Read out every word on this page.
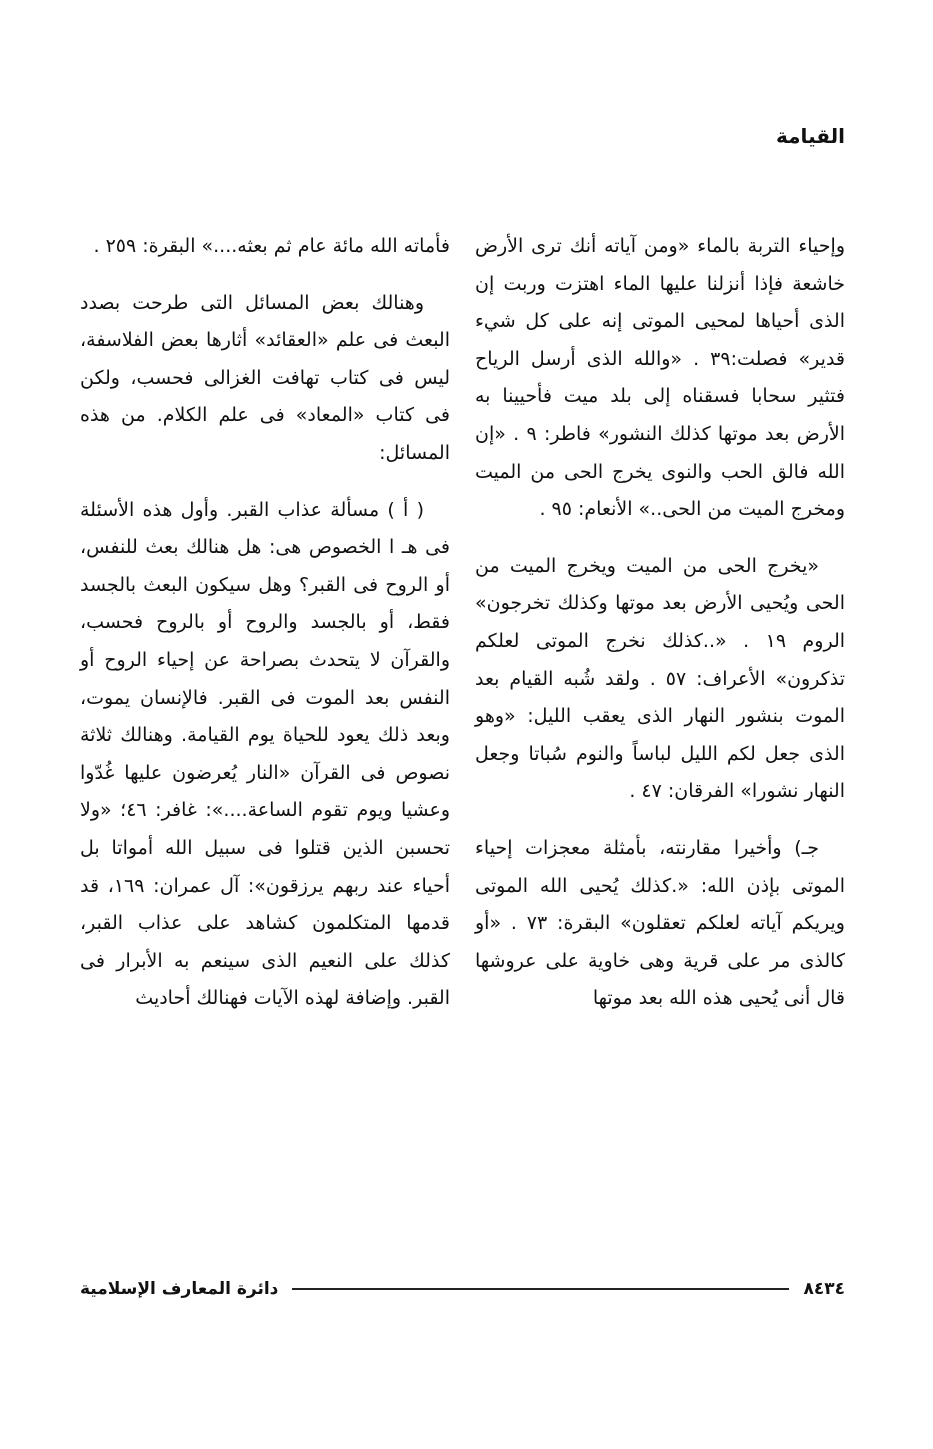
القيامة

وإحياء التربة بالماء «ومن آياته أنك ترى الأرض خاشعة فإذا أنزلنا عليها الماء اهتزت وربت إن الذى أحياها لمحيى الموتى إنه على كل شيء قدير» فصلت:٣٩ . «والله الذى أرسل الرياح فتثير سحابا فسقناه إلى بلد ميت فأحيينا به الأرض بعد موتها كذلك النشور» فاطر: ٩ . «إن الله فالق الحب والنوى يخرج الحى من الميت ومخرج الميت من الحى..» الأنعام: ٩٥ .

«يخرج الحى من الميت ويخرج الميت من الحى ويُحيى الأرض بعد موتها وكذلك تخرجون» الروم ١٩ . «..كذلك نخرج الموتى لعلكم تذكرون» الأعراف: ٥٧ . ولقد شُبه القيام بعد الموت بنشور النهار الذى يعقب الليل: «وهو الذى جعل لكم الليل لباساً والنوم سُباتا وجعل النهار نشورا» الفرقان: ٤٧ .

جـ) وأخيرا مقارنته، بأمثلة معجزات إحياء الموتى بإذن الله: «.كذلك يُحيى الله الموتى ويريكم آياته لعلكم تعقلون» البقرة: ٧٣ . «أو كالذى مر على قرية وهى خاوية على عروشها قال أنى يُحيى هذه الله بعد موتها

فأماته الله مائة عام ثم بعثه....» البقرة: ٢٥٩ .

وهنالك بعض المسائل التى طرحت بصدد البعث فى علم «العقائد» أثارها بعض الفلاسفة، ليس فى كتاب تهافت الغزالى فحسب، ولكن فى كتاب «المعاد» فى علم الكلام. من هذه المسائل:

( أ ) مسألة عذاب القبر. وأول هذه الأسئلة فى هـ ا الخصوص هى: هل هنالك بعث للنفس، أو الروح فى القبر؟ وهل سيكون البعث بالجسد فقط، أو بالجسد والروح أو بالروح فحسب، والقرآن لا يتحدث بصراحة عن إحياء الروح أو النفس بعد الموت فى القبر. فالإنسان يموت، وبعد ذلك يعود للحياة يوم القيامة. وهنالك ثلاثة نصوص فى القرآن «النار يُعرضون عليها غُدّوا وعشيا ويوم تقوم الساعة....»: غافر: ٤٦؛ «ولا تحسبن الذين قتلوا فى سبيل الله أمواتا بل أحياء عند ربهم يرزقون»: آل عمران: ١٦٩، قد قدمها المتكلمون كشاهد على عذاب القبر، كذلك على النعيم الذى سينعم به الأبرار فى القبر. وإضافة لهذه الآيات فهنالك أحاديث

٨٤٣٤
دائرة المعارف الإسلامية
